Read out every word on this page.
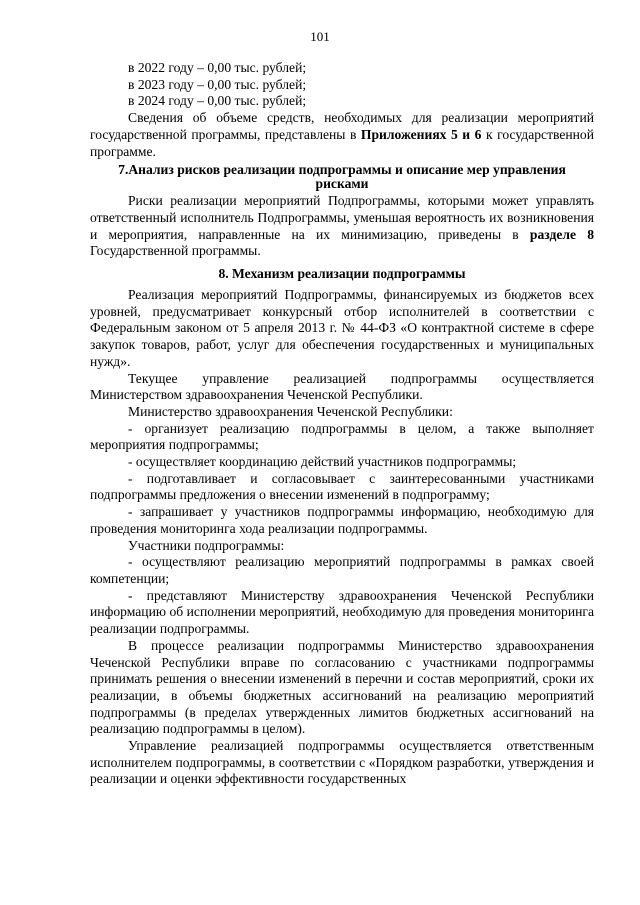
101

в 2022 году – 0,00 тыс. рублей;

в 2023 году – 0,00 тыс. рублей;

в 2024 году – 0,00 тыс. рублей;

Сведения об объеме средств, необходимых для реализации мероприятий государственной программы, представлены в Приложениях 5 и 6 к государственной программе.

7.Анализ рисков реализации подпрограммы и описание мер управления рисками

Риски реализации мероприятий Подпрограммы, которыми может управлять ответственный исполнитель Подпрограммы, уменьшая вероятность их возникновения и мероприятия, направленные на их минимизацию, приведены в разделе 8 Государственной программы.

8. Механизм реализации подпрограммы

Реализация мероприятий Подпрограммы, финансируемых из бюджетов всех уровней, предусматривает конкурсный отбор исполнителей в соответствии с Федеральным законом от 5 апреля 2013 г. № 44-ФЗ «О контрактной системе в сфере закупок товаров, работ, услуг для обеспечения государственных и муниципальных нужд».

Текущее управление реализацией подпрограммы осуществляется Министерством здравоохранения Чеченской Республики.

Министерство здравоохранения Чеченской Республики:

- организует реализацию подпрограммы в целом, а также выполняет мероприятия подпрограммы;

- осуществляет координацию действий участников подпрограммы;

- подготавливает и согласовывает с заинтересованными участниками подпрограммы предложения о внесении изменений в подпрограмму;

- запрашивает у участников подпрограммы информацию, необходимую для проведения мониторинга хода реализации подпрограммы.

Участники подпрограммы:

- осуществляют реализацию мероприятий подпрограммы в рамках своей компетенции;

- представляют Министерству здравоохранения Чеченской Республики информацию об исполнении мероприятий, необходимую для проведения мониторинга реализации подпрограммы.

В процессе реализации подпрограммы Министерство здравоохранения Чеченской Республики вправе по согласованию с участниками подпрограммы принимать решения о внесении изменений в перечни и состав мероприятий, сроки их реализации, в объемы бюджетных ассигнований на реализацию мероприятий подпрограммы (в пределах утвержденных лимитов бюджетных ассигнований на реализацию подпрограммы в целом).

Управление реализацией подпрограммы осуществляется ответственным исполнителем подпрограммы, в соответствии с «Порядком разработки, утверждения и реализации и оценки эффективности государственных
